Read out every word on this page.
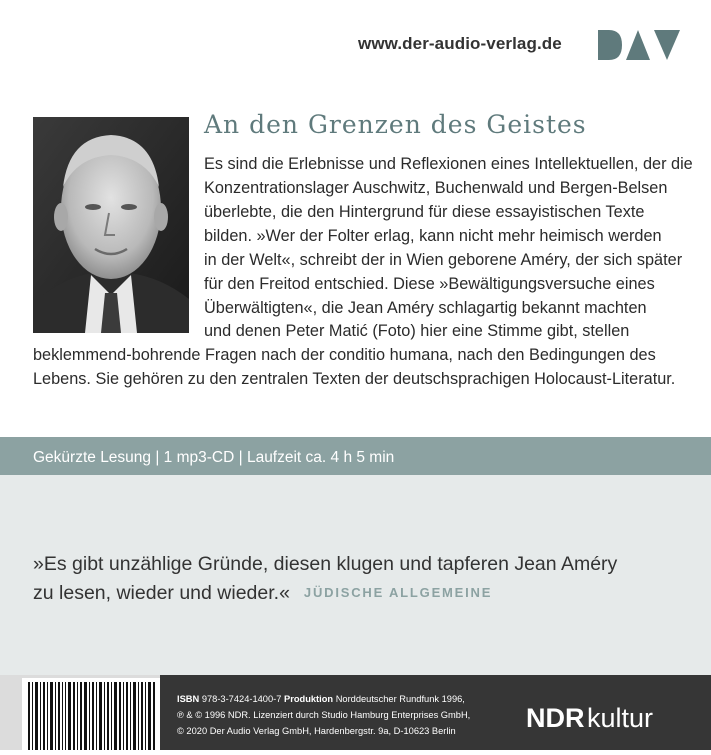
www.der-audio-verlag.de
An den Grenzen des Geistes
Es sind die Erlebnisse und Reflexionen eines Intellektuellen, der die
Konzentrationslager Auschwitz, Buchenwald und Bergen-Belsen
überlebte, die den Hintergrund für diese essayistischen Texte
bilden. »Wer der Folter erlag, kann nicht mehr heimisch werden
in der Welt«, schreibt der in Wien geborene Améry, der sich später
für den Freitod entschied. Diese »Bewältigungsversuche eines
Überwältigten«, die Jean Améry schlagartig bekannt machten
und denen Peter Matić (Foto) hier eine Stimme gibt, stellen
beklemmend-bohrende Fragen nach der conditio humana, nach den Bedingungen des
Lebens. Sie gehören zu den zentralen Texten der deutschsprachigen Holocaust-Literatur.
Gekürzte Lesung | 1 mp3-CD | Laufzeit ca. 4 h 5 min
»Es gibt unzählige Gründe, diesen klugen und tapferen Jean Améry
zu lesen, wieder und wieder.« JÜDISCHE ALLGEMEINE
ISBN 978-3-7424-1400-7 Produktion Norddeutscher Rundfunk 1996,
℗ & © 1996 NDR. Lizenziert durch Studio Hamburg Enterprises GmbH,
© 2020 Der Audio Verlag GmbH, Hardenbergstr. 9a, D-10623 Berlin	NDR kultur
